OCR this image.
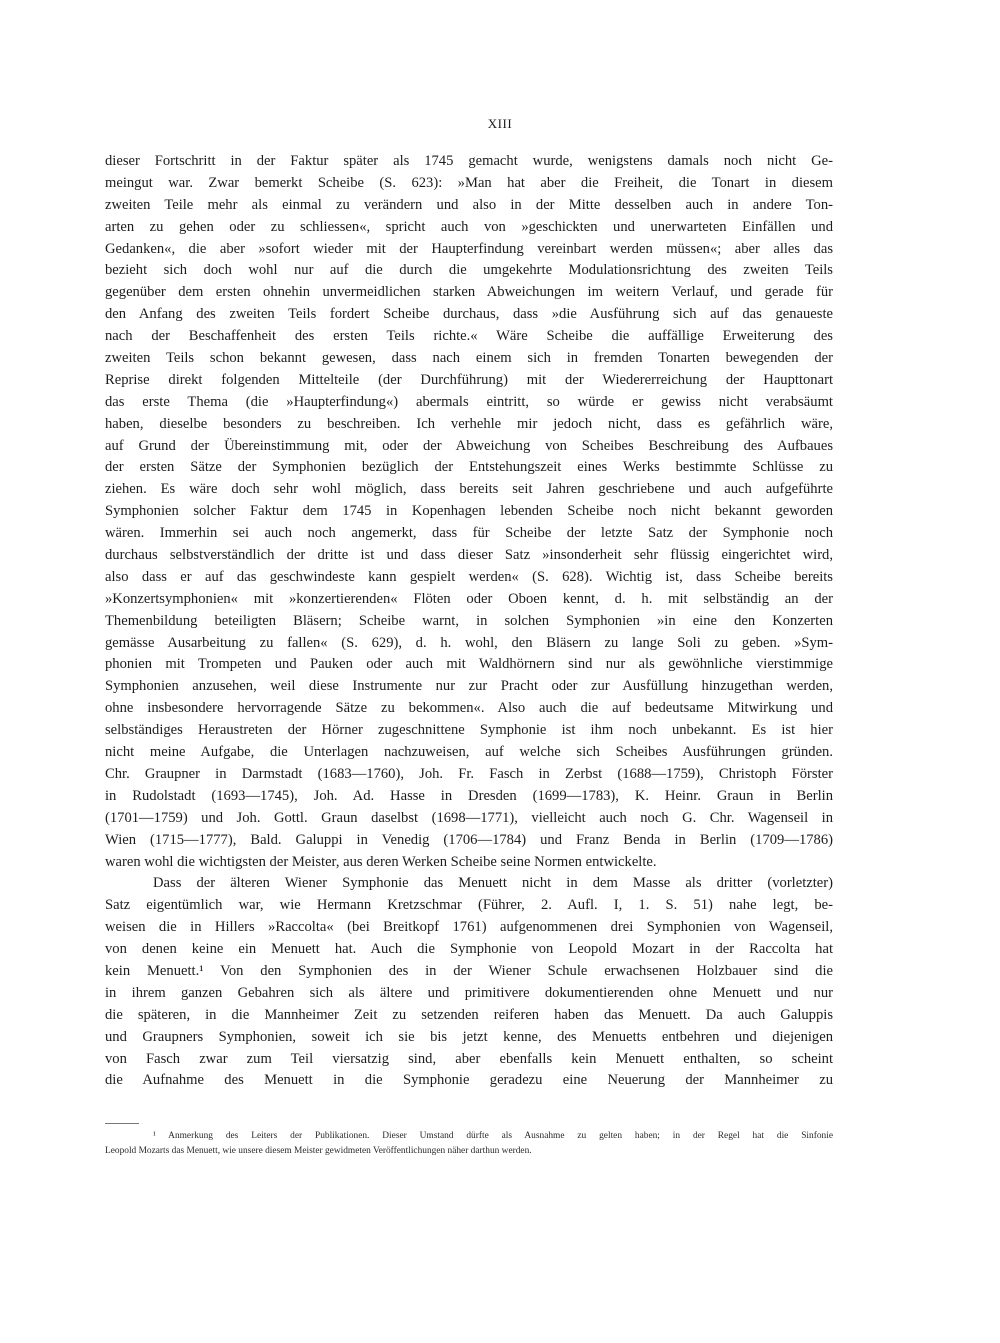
XIII
dieser Fortschritt in der Faktur später als 1745 gemacht wurde, wenigstens damals noch nicht Ge-
meingut war. Zwar bemerkt Scheibe (S. 623): »Man hat aber die Freiheit, die Tonart in diesem
zweiten Teile mehr als einmal zu verändern und also in der Mitte desselben auch in andere Ton-
arten zu gehen oder zu schliessen«, spricht auch von »geschickten und unerwarteten Einfällen und
Gedanken«, die aber »sofort wieder mit der Haupterfindung vereinbart werden müssen«; aber alles das
bezieht sich doch wohl nur auf die durch die umgekehrte Modulationsrichtung des zweiten Teils
gegenüber dem ersten ohnehin unvermeidlichen starken Abweichungen im weitern Verlauf, und gerade für
den Anfang des zweiten Teils fordert Scheibe durchaus, dass »die Ausführung sich auf das genaueste
nach der Beschaffenheit des ersten Teils richte.« Wäre Scheibe die auffällige Erweiterung des
zweiten Teils schon bekannt gewesen, dass nach einem sich in fremden Tonarten bewegenden der
Reprise direkt folgenden Mittelteile (der Durchführung) mit der Wiedererreichung der Haupttonart
das erste Thema (die »Haupterfindung«) abermals eintritt, so würde er gewiss nicht verabsäumt
haben, dieselbe besonders zu beschreiben. Ich verhehle mir jedoch nicht, dass es gefährlich wäre,
auf Grund der Übereinstimmung mit, oder der Abweichung von Scheibes Beschreibung des Aufbaues
der ersten Sätze der Symphonien bezüglich der Entstehungszeit eines Werks bestimmte Schlüsse zu
ziehen. Es wäre doch sehr wohl möglich, dass bereits seit Jahren geschriebene und auch aufgeführte
Symphonien solcher Faktur dem 1745 in Kopenhagen lebenden Scheibe noch nicht bekannt geworden
wären. Immerhin sei auch noch angemerkt, dass für Scheibe der letzte Satz der Symphonie noch
durchaus selbstverständlich der dritte ist und dass dieser Satz »insonderheit sehr flüssig eingerichtet wird,
also dass er auf das geschwindeste kann gespielt werden« (S. 628). Wichtig ist, dass Scheibe bereits
»Konzertsymphonien« mit »konzertierenden« Flöten oder Oboen kennt, d. h. mit selbständig an der
Themenbildung beteiligten Bläsern; Scheibe warnt, in solchen Symphonien »in eine den Konzerten
gemässe Ausarbeitung zu fallen« (S. 629), d. h. wohl, den Bläsern zu lange Soli zu geben. »Sym-
phonien mit Trompeten und Pauken oder auch mit Waldhörnern sind nur als gewöhnliche vierstimmige
Symphonien anzusehen, weil diese Instrumente nur zur Pracht oder zur Ausfüllung hinzugethan werden,
ohne insbesondere hervorragende Sätze zu bekommen«. Also auch die auf bedeutsame Mitwirkung und
selbständiges Heraustreten der Hörner zugeschnittene Symphonie ist ihm noch unbekannt. Es ist hier
nicht meine Aufgabe, die Unterlagen nachzuweisen, auf welche sich Scheibes Ausführungen gründen.
Chr. Graupner in Darmstadt (1683—1760), Joh. Fr. Fasch in Zerbst (1688—1759), Christoph Förster
in Rudolstadt (1693—1745), Joh. Ad. Hasse in Dresden (1699—1783), K. Heinr. Graun in Berlin
(1701—1759) und Joh. Gottl. Graun daselbst (1698—1771), vielleicht auch noch G. Chr. Wagenseil in
Wien (1715—1777), Bald. Galuppi in Venedig (1706—1784) und Franz Benda in Berlin (1709—1786)
waren wohl die wichtigsten der Meister, aus deren Werken Scheibe seine Normen entwickelte.
Dass der älteren Wiener Symphonie das Menuett nicht in dem Masse als dritter (vorletzter)
Satz eigentümlich war, wie Hermann Kretzschmar (Führer, 2. Aufl. I, 1. S. 51) nahe legt, be-
weisen die in Hillers »Raccolta« (bei Breitkopf 1761) aufgenommenen drei Symphonien von Wagenseil,
von denen keine ein Menuett hat. Auch die Symphonie von Leopold Mozart in der Raccolta hat
kein Menuett.¹ Von den Symphonien des in der Wiener Schule erwachsenen Holzbauer sind die
in ihrem ganzen Gebahren sich als ältere und primitivere dokumentierenden ohne Menuett und nur
die späteren, in die Mannheimer Zeit zu setzenden reiferen haben das Menuett. Da auch Galuppis
und Graupners Symphonien, soweit ich sie bis jetzt kenne, des Menuetts entbehren und diejenigen
von Fasch zwar zum Teil viersatzig sind, aber ebenfalls kein Menuett enthalten, so scheint
die Aufnahme des Menuett in die Symphonie geradezu eine Neuerung der Mannheimer zu
¹ Anmerkung des Leiters der Publikationen. Dieser Umstand dürfte als Ausnahme zu gelten haben; in der Regel hat die Sinfonie
Leopold Mozarts das Menuett, wie unsere diesem Meister gewidmeten Veröffentlichungen näher darthun werden.
